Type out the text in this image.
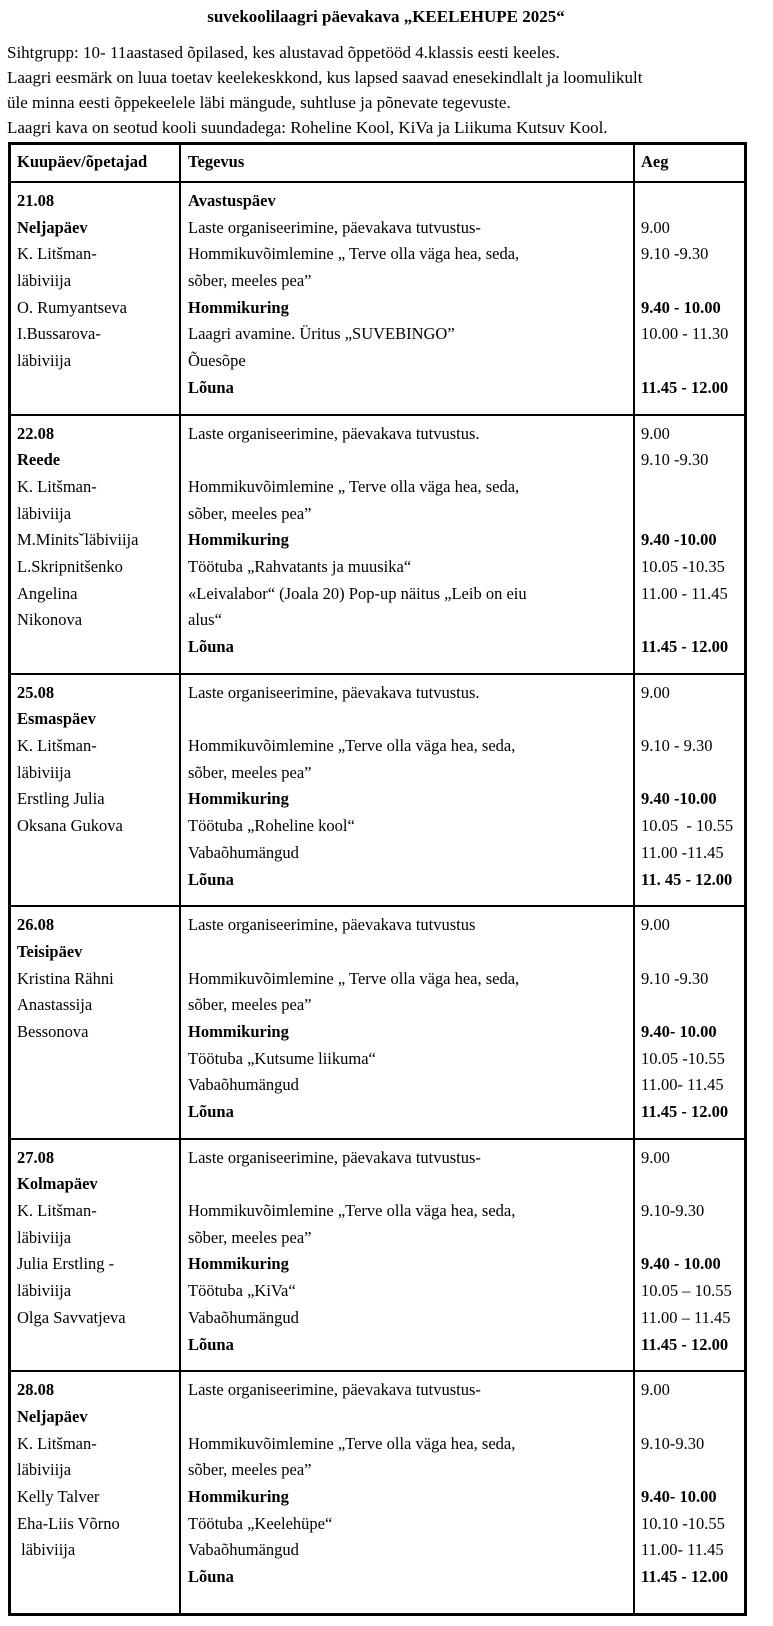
suvekoolilaagri päevakava „KEELEHUPE 2025“
Sihtgrupp: 10- 11aastased õpilased, kes alustavad õppetööd 4.klassis eesti keeles.
Laagri eesmärk on luua toetav keelekeskkond, kus lapsed saavad enesekindlalt ja loomulikult
üle minna eesti õppekeelele läbi mängude, suhtluse ja põnevate tegevuste.
Laagri kava on seotud kooli suundadega: Roheline Kool, KiVa ja Liikuma Kutsuv Kool.
Kuupäev/õpetajad	Tegevus	Aeg
21.08
Neljapäev
K. Litšman-
läbiviija
O. Rumyantseva
I.Bussarova-
läbiviija

Avastuspäev
Laste organiseerimine, päevakava tutvustus-
Hommikuvõimlemine „ Terve olla väga hea, seda,
sõber, meeles pea”
Hommikuring
Laagri avamine. Üritus „SUVEBINGO”
Õuesõpe
Lõuna

9.00
9.10 -9.30

9.40 - 10.00
10.00 - 11.30

11.45 - 12.00
22.08
Reede
K. Litšman-
läbiviija
M.Minitsˇläbiviija
L.Skripnitšenko
Angelina
Nikonova

Laste organiseerimine, päevakava tutvustus.

Hommikuvõimlemine „ Terve olla väga hea, seda,
sõber, meeles pea”
Hommikuring
Töötuba „Rahvatants ja muusika“
«Leivalabor“ (Joala 20) Pop-up näitus „Leib on eiu
alus“
Lõuna
9.00
9.10 -9.30

9.40 -10.00
10.05 -10.35
11.00 - 11.45

11.45 - 12.00
25.08
Esmaspäev
K. Litšman-
läbiviija
Erstling Julia
Oksana Gukova

Laste organiseerimine, päevakava tutvustus.

Hommikuvõimlemine „Terve olla väga hea, seda,
sõber, meeles pea”
Hommikuring
Töötuba „Roheline kool“
Vabaõhumängud
Lõuna
9.00

9.10 - 9.30

9.40 -10.00
10.05  - 10.55
11.00 -11.45
11. 45 - 12.00
26.08
Teisipäev
Kristina Rähni
Anastassija
Bessonova

Laste organiseerimine, päevakava tutvustus

Hommikuvõimlemine „ Terve olla väga hea, seda,
sõber, meeles pea”
Hommikuring
Töötuba „Kutsume liikuma“
Vabaõhumängud
Lõuna
9.00

9.10 -9.30

9.40- 10.00
10.05 -10.55
11.00- 11.45
11.45 - 12.00
27.08
Kolmapäev
K. Litšman-
läbiviija
Julia Erstling -
läbiviija
Olga Savvatjeva

Laste organiseerimine, päevakava tutvustus-

Hommikuvõimlemine „Terve olla väga hea, seda,
sõber, meeles pea”
Hommikuring
Töötuba „KiVa“
Vabaõhumängud
Lõuna
9.00

9.10-9.30

9.40 - 10.00
10.05 – 10.55
11.00 – 11.45
11.45 - 12.00
28.08
Neljapäev
K. Litšman-
läbiviija
Kelly Talver
Eha-Liis Võrno
läbiviija

Laste organiseerimine, päevakava tutvustus-

Hommikuvõimlemine „Terve olla väga hea, seda,
sõber, meeles pea”
Hommikuring
Töötuba „Keelehüpe“
Vabaõhumängud
Lõuna
9.00

9.10-9.30

9.40- 10.00
10.10 -10.55
11.00- 11.45
11.45 - 12.00
